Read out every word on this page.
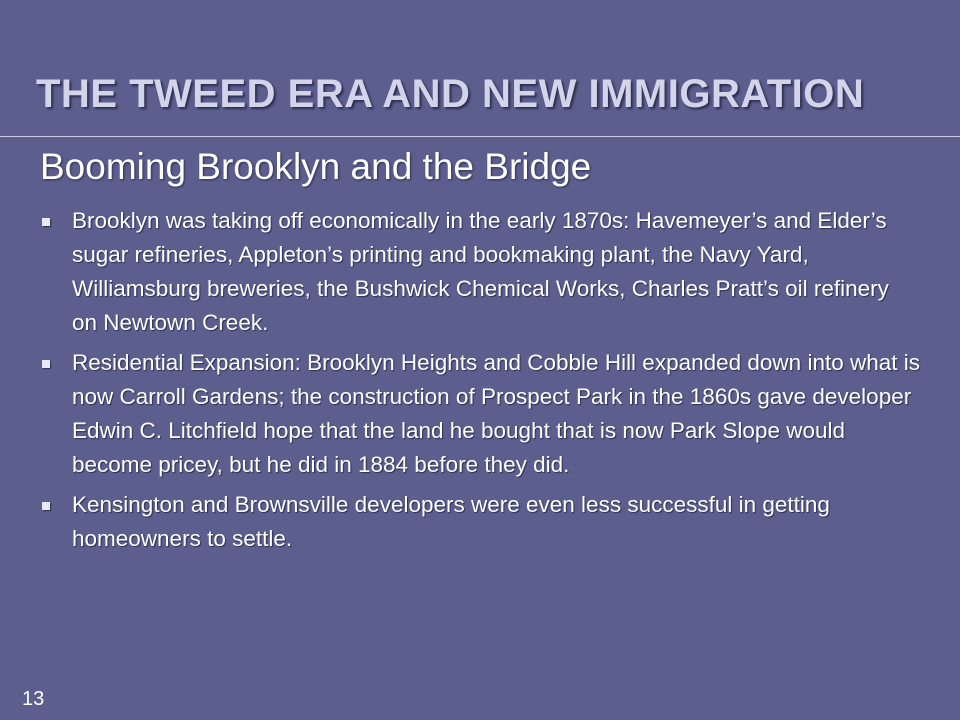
THE TWEED ERA AND NEW IMMIGRATION
Booming Brooklyn and the Bridge
Brooklyn was taking off economically in the early 1870s: Havemeyer’s and Elder’s sugar refineries, Appleton’s printing and bookmaking plant, the Navy Yard, Williamsburg breweries, the Bushwick Chemical Works, Charles Pratt’s oil refinery on Newtown Creek.
Residential Expansion: Brooklyn Heights and Cobble Hill expanded down into what is now Carroll Gardens; the construction of Prospect Park in the 1860s gave developer Edwin C. Litchfield hope that the land he bought that is now Park Slope would become pricey, but he did in 1884 before they did.
Kensington and Brownsville developers were even less successful in getting homeowners to settle.
13
